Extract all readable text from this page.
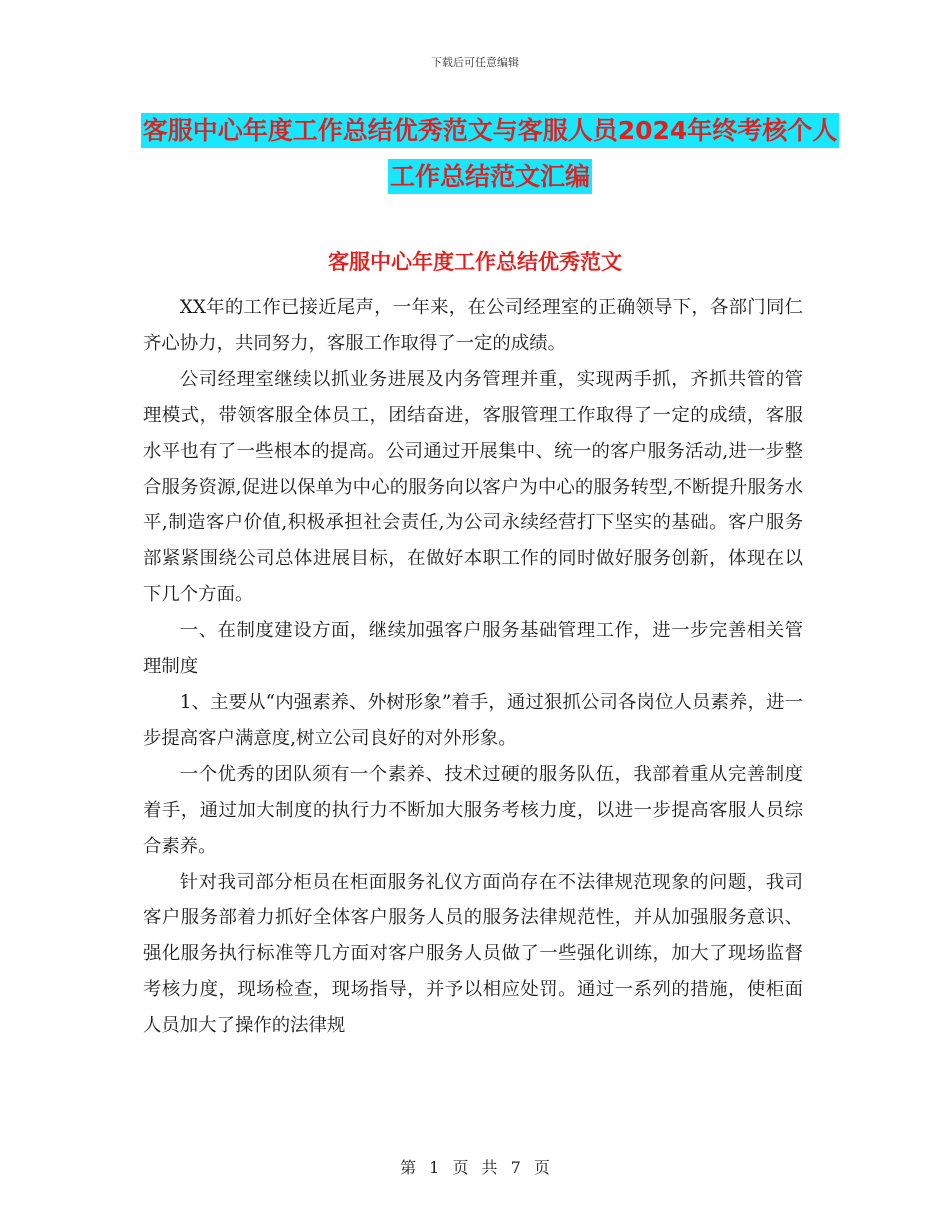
下载后可任意编辑
客服中心年度工作总结优秀范文与客服人员2024年终考核个人工作总结范文汇编
客服中心年度工作总结优秀范文

XX年的工作已接近尾声，一年来，在公司经理室的正确领导下，各部门同仁齐心协力，共同努力，客服工作取得了一定的成绩。

公司经理室继续以抓业务进展及内务管理并重，实现两手抓，齐抓共管的管理模式，带领客服全体员工，团结奋进，客服管理工作取得了一定的成绩，客服水平也有了一些根本的提高。公司通过开展集中、统一的客户服务活动,进一步整合服务资源,促进以保单为中心的服务向以客户为中心的服务转型,不断提升服务水平,制造客户价值,积极承担社会责任,为公司永续经营打下坚实的基础。客户服务部紧紧围绕公司总体进展目标，在做好本职工作的同时做好服务创新，体现在以下几个方面。

一、在制度建设方面，继续加强客户服务基础管理工作，进一步完善相关管理制度

1、主要从“内强素养、外树形象”着手，通过狠抓公司各岗位人员素养，进一步提高客户满意度,树立公司良好的对外形象。

一个优秀的团队须有一个素养、技术过硬的服务队伍，我部着重从完善制度着手，通过加大制度的执行力不断加大服务考核力度，以进一步提高客服人员综合素养。

针对我司部分柜员在柜面服务礼仪方面尚存在不法律规范现象的问题，我司客户服务部着力抓好全体客户服务人员的服务法律规范性，并从加强服务意识、强化服务执行标准等几方面对客户服务人员做了一些强化训练，加大了现场监督考核力度，现场检查，现场指导，并予以相应处罚。通过一系列的措施，使柜面人员加大了操作的法律规

第 1 页 共 7 页
